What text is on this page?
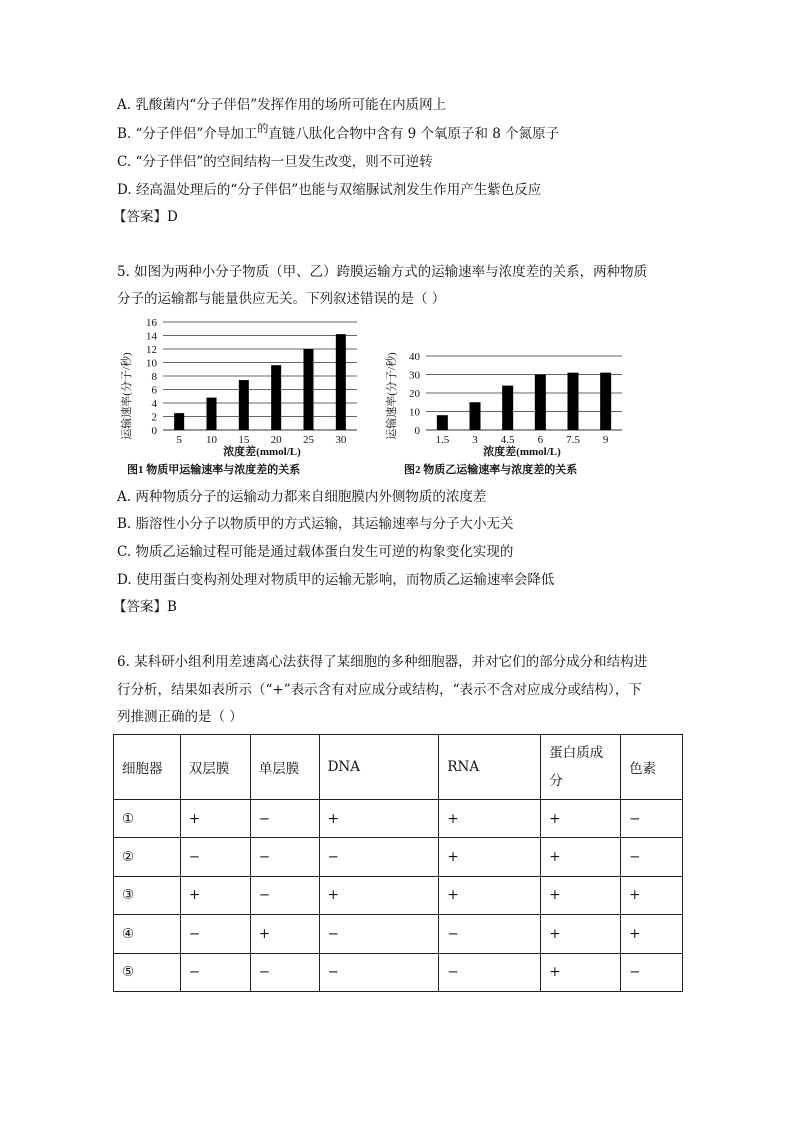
A. 乳酸菌内“分子伴侣”发挥作用的场所可能在内质网上
B. “分子伴侣”介导加工$^的$直链八肽化合物中含有 9 个氧原子和 8 个氮原子
C. “分子伴侣”的空间结构一旦发生改变，则不可逆转
D. 经高温处理后的“分子伴侣”也能与双缩脲试剂发生作用产生紫色反应
【答案】D
5. 如图为两种小分子物质（甲、乙）跨膜运输方式的运输速率与浓度差的关系，两种物质
分子的运输都与能量供应无关。下列叙述错误的是（ ）
运输速率(分子/秒) 0
2
4
6
8
10
12
14
16
5 10 15 20 25 30
浓度差(mmol/L)
图1 物质甲运输速率与浓度差的关系
运输速率(分子/秒) 0
10
20
30
40
1.5 3 4.5 6 7.5 9
浓度差(mmol/L)
图2 物质乙运输速率与浓度差的关系
A. 两种物质分子的运输动力都来自细胞膜内外侧物质的浓度差
B. 脂溶性小分子以物质甲的方式运输，其运输速率与分子大小无关
C. 物质乙运输过程可能是通过载体蛋白发生可逆的构象变化实现的
D. 使用蛋白变构剂处理对物质甲的运输无影响，而物质乙运输速率会降低
【答案】B
6. 某科研小组利用差速离心法获得了某细胞的多种细胞器，并对它们的部分成分和结构进
行分析，结果如表所示（“+”表示含有对应成分或结构，“表示不含对应成分或结构），下
列推测正确的是（ ）
细胞器	双层膜	单层膜	DNA	RNA	蛋白质成分	色素
①	+	−	+	+	+	−
②	−	−	−	+	+	−
③	+	−	+	+	+	+
④	−	+	−	−	+	+
⑤	−	−	−	−	+	−
